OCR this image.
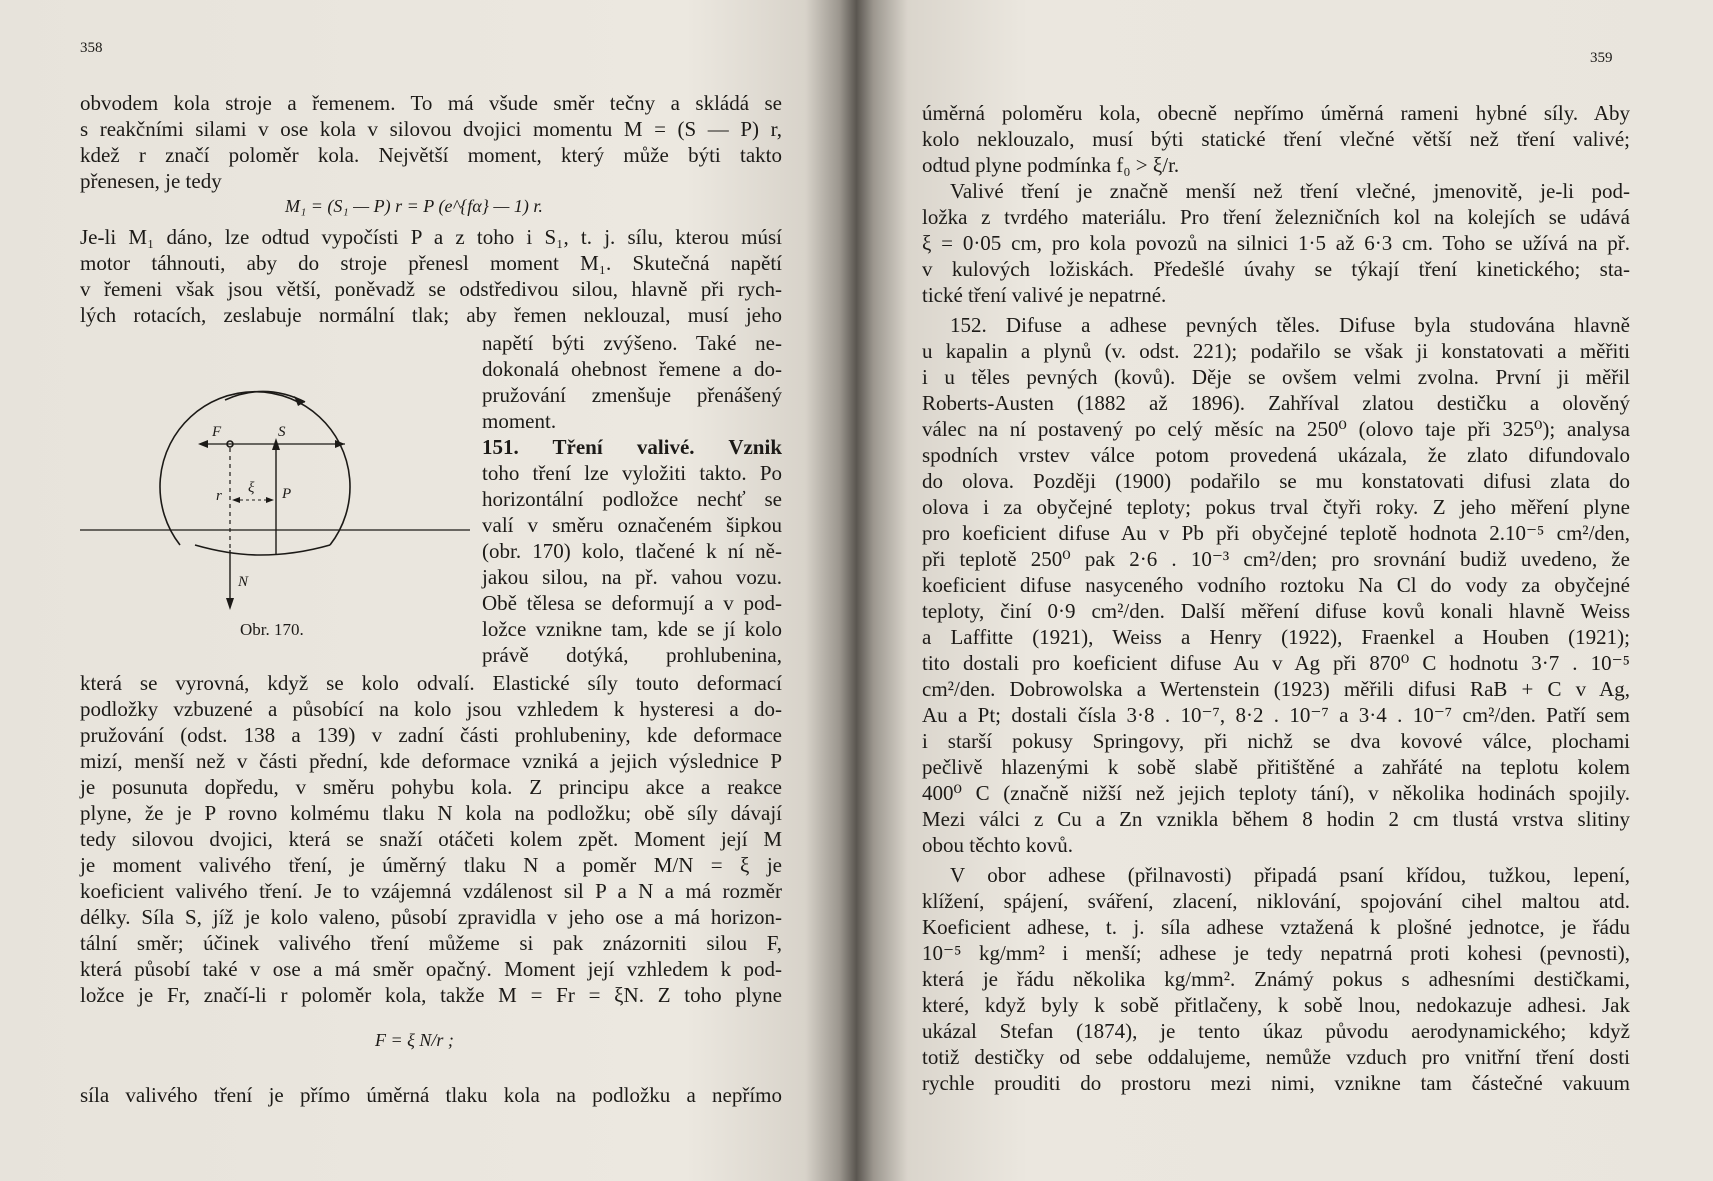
358
obvodem kola stroje a řemenem. To má všude směr tečny a skládá se
s reakčními silami v ose kola v silovou dvojici momentu M = (S — P) r,
kdež r značí poloměr kola. Největší moment, který může býti takto
přenesen, je tedy
M₁ = (S₁ — P) r = P (e^{fα} — 1) r.
Je-li M₁ dáno, lze odtud vypočísti P a z toho i S₁, t. j. sílu, kterou músí
motor táhnouti, aby do stroje přenesl moment M₁. Skutečná napětí
v řemeni však jsou větší, poněvadž se odstředivou silou, hlavně při rych-
lých rotacích, zeslabuje normální tlak; aby řemen neklouzal, musí jeho
napětí býti zvýšeno. Také ne-
dokonalá ohebnost řemene a do-
pružování zmenšuje přenášený
moment.
151. Tření valivé. Vznik
toho tření lze vyložiti takto. Po
horizontální podložce nechť se
valí v směru označeném šipkou
(obr. 170) kolo, tlačené k ní ně-
jakou silou, na př. vahou vozu.
Obě tělesa se deformují a v pod-
ložce vznikne tam, kde se jí kolo
právě dotýká, prohlubenina,
F	S
r ξ P
N
Obr. 170.
která se vyrovná, když se kolo odvalí. Elastické síly touto deformací
podložky vzbuzené a působící na kolo jsou vzhledem k hysteresi a do-
pružování (odst. 138 a 139) v zadní části prohlubeniny, kde deformace
mizí, menší než v části přední, kde deformace vzniká a jejich výslednice P
je posunuta dopředu, v směru pohybu kola. Z principu akce a reakce
plyne, že je P rovno kolmému tlaku N kola na podložku; obě síly dávají
tedy silovou dvojici, která se snaží otáčeti kolem zpět. Moment její M
je moment valivého tření, je úměrný tlaku N a poměr M/N = ξ je
koeficient valivého tření. Je to vzájemná vzdálenost sil P a N a má rozměr
délky. Síla S, jíž je kolo valeno, působí zpravidla v jeho ose a má horizon-
tální směr; účinek valivého tření můžeme si pak znázorniti silou F,
která působí také v ose a má směr opačný. Moment její vzhledem k pod-
ložce je Fr, značí-li r poloměr kola, takže M = Fr = ξN. Z toho plyne
F = ξ N/r ;
síla valivého tření je přímo úměrná tlaku kola na podložku a nepřímo
359
úměrná poloměru kola, obecně nepřímo úměrná rameni hybné síly. Aby
kolo neklouzalo, musí býti statické tření vlečné větší než tření valivé;
odtud plyne podmínka f₀ > ξ/r.
Valivé tření je značně menší než tření vlečné, jmenovitě, je-li pod-
ložka z tvrdého materiálu. Pro tření železničních kol na kolejích se udává
ξ = 0·05 cm, pro kola povozů na silnici 1·5 až 6·3 cm. Toho se užívá na př.
v kulových ložiskách. Předešlé úvahy se týkají tření kinetického; sta-
tické tření valivé je nepatrné.
152. Difuse a adhese pevných těles. Difuse byla studována hlavně
u kapalin a plynů (v. odst. 221); podařilo se však ji konstatovati a měřiti
i u těles pevných (kovů). Děje se ovšem velmi zvolna. První ji měřil
Roberts-Austen (1882 až 1896). Zahříval zlatou destičku a olověný
válec na ní postavený po celý měsíc na 250⁰ (olovo taje při 325⁰); analysa
spodních vrstev válce potom provedená ukázala, že zlato difundovalo
do olova. Později (1900) podařilo se mu konstatovati difusi zlata do
olova i za obyčejné teploty; pokus trval čtyři roky. Z jeho měření plyne
pro koeficient difuse Au v Pb při obyčejné teplotě hodnota 2.10⁻⁵ cm²/den,
při teplotě 250⁰ pak 2·6 . 10⁻³ cm²/den; pro srovnání budiž uvedeno, že
koeficient difuse nasyceného vodního roztoku Na Cl do vody za obyčejné
teploty, činí 0·9 cm²/den. Další měření difuse kovů konali hlavně Weiss
a Laffitte (1921), Weiss a Henry (1922), Fraenkel a Houben (1921);
tito dostali pro koeficient difuse Au v Ag při 870⁰ C hodnotu 3·7 . 10⁻⁵
cm²/den. Dobrowolska a Wertenstein (1923) měřili difusi RaB + C v Ag,
Au a Pt; dostali čísla 3·8 . 10⁻⁷, 8·2 . 10⁻⁷ a 3·4 . 10⁻⁷ cm²/den. Patří sem
i starší pokusy Springovy, při nichž se dva kovové válce, plochami
pečlivě hlazenými k sobě slabě přitištěné a zahřáté na teplotu kolem
400⁰ C (značně nižší než jejich teploty tání), v několika hodinách spojily.
Mezi válci z Cu a Zn vznikla během 8 hodin 2 cm tlustá vrstva slitiny
obou těchto kovů.
V obor adhese (přilnavosti) připadá psaní křídou, tužkou, lepení,
klížení, spájení, sváření, zlacení, niklování, spojování cihel maltou atd.
Koeficient adhese, t. j. síla adhese vztažená k plošné jednotce, je řádu
10⁻⁵ kg/mm² i menší; adhese je tedy nepatrná proti kohesi (pevnosti),
která je řádu několika kg/mm². Známý pokus s adhesními destičkami,
které, když byly k sobě přitlačeny, k sobě lnou, nedokazuje adhesi. Jak
ukázal Stefan (1874), je tento úkaz původu aerodynamického; když
totiž destičky od sebe oddalujeme, nemůže vzduch pro vnitřní tření dosti
rychle prouditi do prostoru mezi nimi, vznikne tam částečné vakuum
